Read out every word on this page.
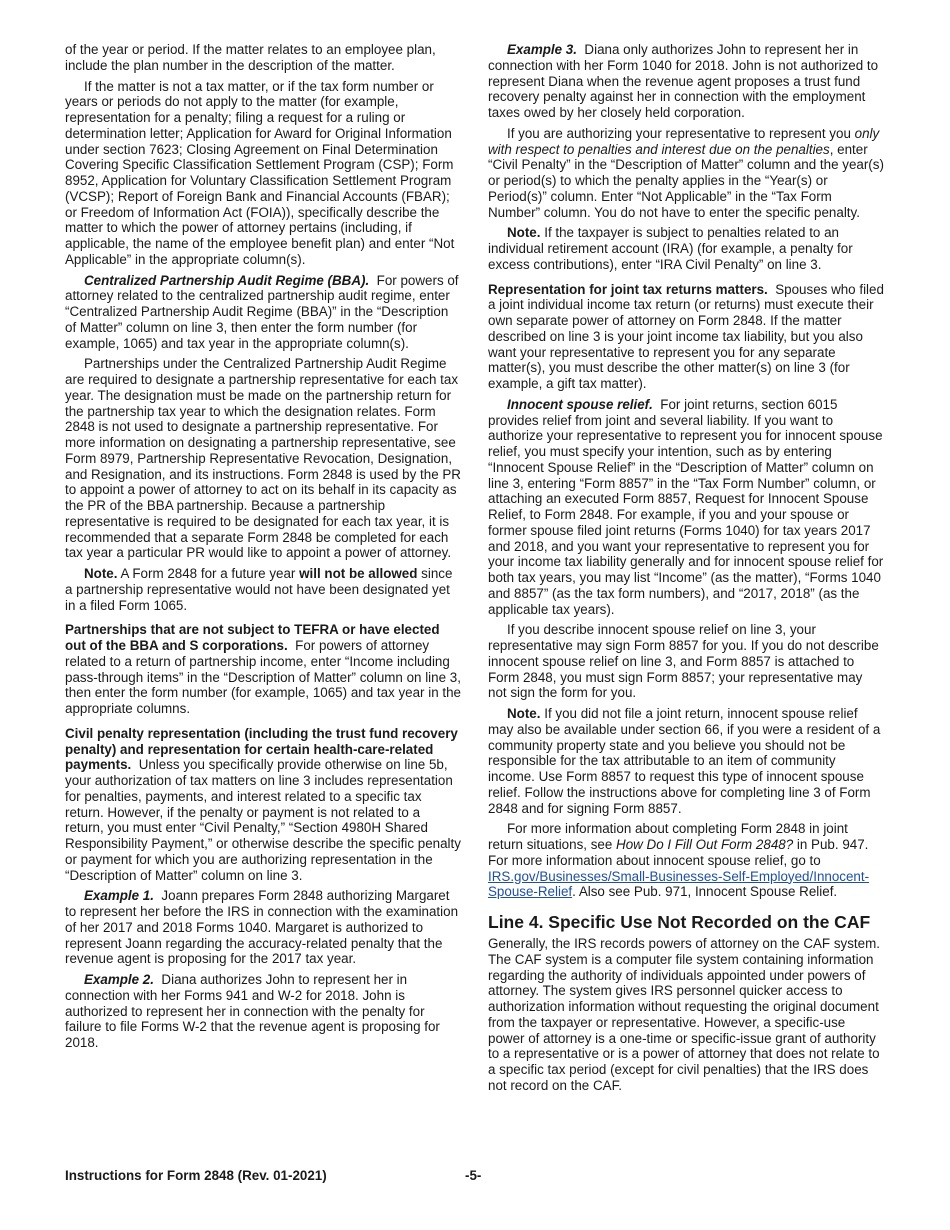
of the year or period. If the matter relates to an employee plan, include the plan number in the description of the matter.

If the matter is not a tax matter, or if the tax form number or years or periods do not apply to the matter (for example, representation for a penalty; filing a request for a ruling or determination letter; Application for Award for Original Information under section 7623; Closing Agreement on Final Determination Covering Specific Classification Settlement Program (CSP); Form 8952, Application for Voluntary Classification Settlement Program (VCSP); Report of Foreign Bank and Financial Accounts (FBAR); or Freedom of Information Act (FOIA)), specifically describe the matter to which the power of attorney pertains (including, if applicable, the name of the employee benefit plan) and enter “Not Applicable” in the appropriate column(s).

Centralized Partnership Audit Regime (BBA). For powers of attorney related to the centralized partnership audit regime, enter “Centralized Partnership Audit Regime (BBA)” in the “Description of Matter” column on line 3, then enter the form number (for example, 1065) and tax year in the appropriate column(s).

Partnerships under the Centralized Partnership Audit Regime are required to designate a partnership representative for each tax year. The designation must be made on the partnership return for the partnership tax year to which the designation relates. Form 2848 is not used to designate a partnership representative. For more information on designating a partnership representative, see Form 8979, Partnership Representative Revocation, Designation, and Resignation, and its instructions. Form 2848 is used by the PR to appoint a power of attorney to act on its behalf in its capacity as the PR of the BBA partnership. Because a partnership representative is required to be designated for each tax year, it is recommended that a separate Form 2848 be completed for each tax year a particular PR would like to appoint a power of attorney.

Note. A Form 2848 for a future year will not be allowed since a partnership representative would not have been designated yet in a filed Form 1065.

Partnerships that are not subject to TEFRA or have elected out of the BBA and S corporations. For powers of attorney related to a return of partnership income, enter “Income including pass-through items” in the “Description of Matter” column on line 3, then enter the form number (for example, 1065) and tax year in the appropriate columns.

Civil penalty representation (including the trust fund recovery penalty) and representation for certain health-care-related payments. Unless you specifically provide otherwise on line 5b, your authorization of tax matters on line 3 includes representation for penalties, payments, and interest related to a specific tax return. However, if the penalty or payment is not related to a return, you must enter “Civil Penalty,” “Section 4980H Shared Responsibility Payment,” or otherwise describe the specific penalty or payment for which you are authorizing representation in the “Description of Matter” column on line 3.

Example 1. Joann prepares Form 2848 authorizing Margaret to represent her before the IRS in connection with the examination of her 2017 and 2018 Forms 1040. Margaret is authorized to represent Joann regarding the accuracy-related penalty that the revenue agent is proposing for the 2017 tax year.

Example 2. Diana authorizes John to represent her in connection with her Forms 941 and W-2 for 2018. John is authorized to represent her in connection with the penalty for failure to file Forms W-2 that the revenue agent is proposing for 2018.

Example 3. Diana only authorizes John to represent her in connection with her Form 1040 for 2018. John is not authorized to represent Diana when the revenue agent proposes a trust fund recovery penalty against her in connection with the employment taxes owed by her closely held corporation.

If you are authorizing your representative to represent you only with respect to penalties and interest due on the penalties, enter “Civil Penalty” in the “Description of Matter” column and the year(s) or period(s) to which the penalty applies in the “Year(s) or Period(s)” column. Enter “Not Applicable” in the “Tax Form Number” column. You do not have to enter the specific penalty.

Note. If the taxpayer is subject to penalties related to an individual retirement account (IRA) (for example, a penalty for excess contributions), enter “IRA Civil Penalty” on line 3.

Representation for joint tax returns matters. Spouses who filed a joint individual income tax return (or returns) must execute their own separate power of attorney on Form 2848. If the matter described on line 3 is your joint income tax liability, but you also want your representative to represent you for any separate matter(s), you must describe the other matter(s) on line 3 (for example, a gift tax matter).

Innocent spouse relief. For joint returns, section 6015 provides relief from joint and several liability. If you want to authorize your representative to represent you for innocent spouse relief, you must specify your intention, such as by entering “Innocent Spouse Relief” in the “Description of Matter” column on line 3, entering “Form 8857” in the “Tax Form Number” column, or attaching an executed Form 8857, Request for Innocent Spouse Relief, to Form 2848. For example, if you and your spouse or former spouse filed joint returns (Forms 1040) for tax years 2017 and 2018, and you want your representative to represent you for your income tax liability generally and for innocent spouse relief for both tax years, you may list “Income” (as the matter), “Forms 1040 and 8857” (as the tax form numbers), and “2017, 2018” (as the applicable tax years).

If you describe innocent spouse relief on line 3, your representative may sign Form 8857 for you. If you do not describe innocent spouse relief on line 3, and Form 8857 is attached to Form 2848, you must sign Form 8857; your representative may not sign the form for you.

Note. If you did not file a joint return, innocent spouse relief may also be available under section 66, if you were a resident of a community property state and you believe you should not be responsible for the tax attributable to an item of community income. Use Form 8857 to request this type of innocent spouse relief. Follow the instructions above for completing line 3 of Form 2848 and for signing Form 8857.

For more information about completing Form 2848 in joint return situations, see How Do I Fill Out Form 2848? in Pub. 947. For more information about innocent spouse relief, go to IRS.gov/Businesses/Small-Businesses-Self-Employed/Innocent-Spouse-Relief. Also see Pub. 971, Innocent Spouse Relief.

Line 4. Specific Use Not Recorded on the CAF

Generally, the IRS records powers of attorney on the CAF system. The CAF system is a computer file system containing information regarding the authority of individuals appointed under powers of attorney. The system gives IRS personnel quicker access to authorization information without requesting the original document from the taxpayer or representative. However, a specific-use power of attorney is a one-time or specific-issue grant of authority to a representative or is a power of attorney that does not relate to a specific tax period (except for civil penalties) that the IRS does not record on the CAF.

Instructions for Form 2848 (Rev. 01-2021)	-5-
